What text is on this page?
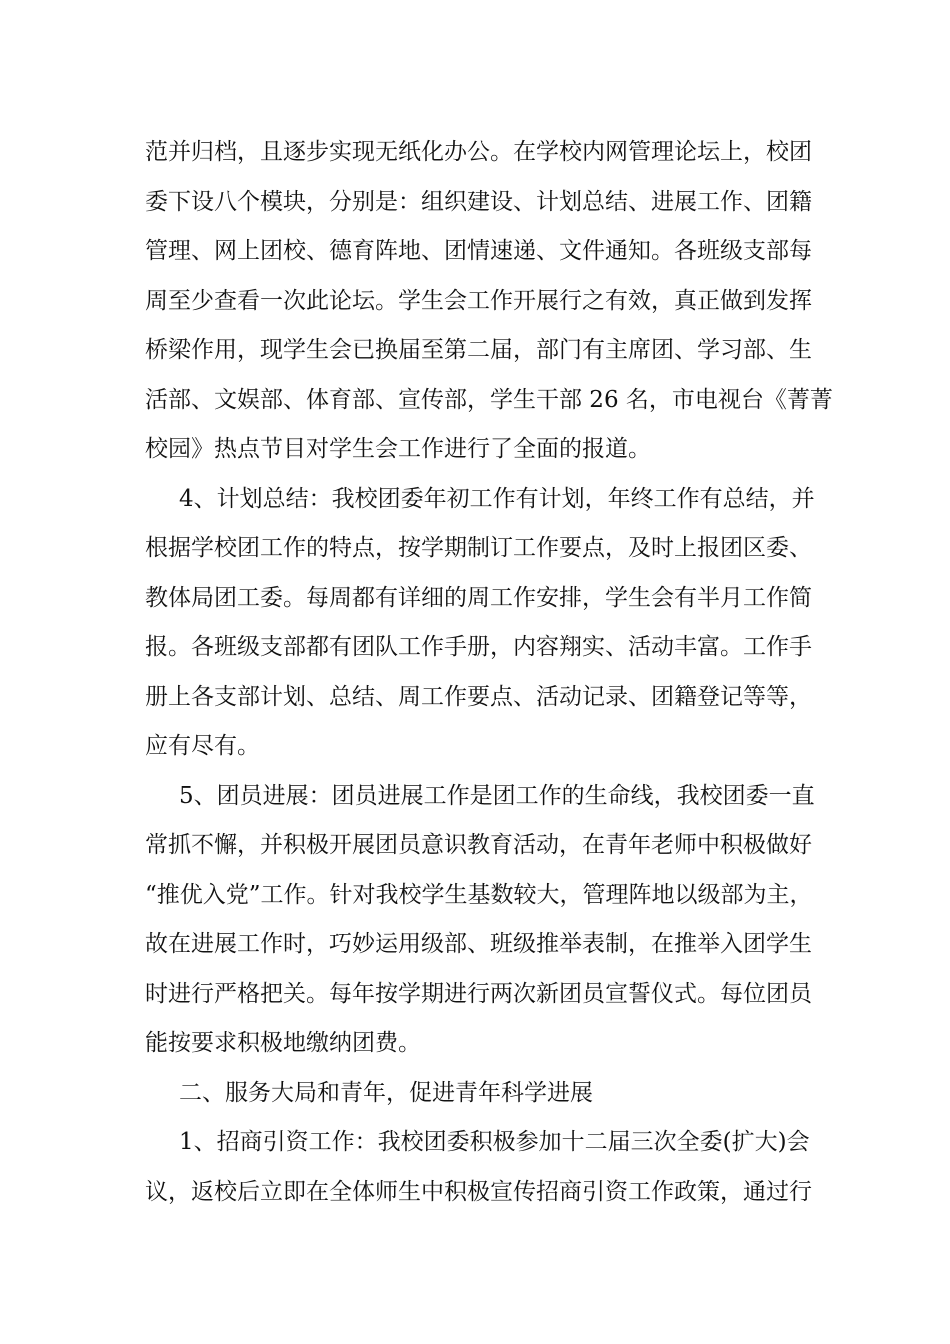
范并归档，且逐步实现无纸化办公。在学校内网管理论坛上，校团
委下设八个模块，分别是：组织建设、计划总结、进展工作、团籍
管理、网上团校、德育阵地、团情速递、文件通知。各班级支部每
周至少查看一次此论坛。学生会工作开展行之有效，真正做到发挥
桥梁作用，现学生会已换届至第二届，部门有主席团、学习部、生
活部、文娱部、体育部、宣传部，学生干部 26 名，市电视台《菁菁
校园》热点节目对学生会工作进行了全面的报道。
4、计划总结：我校团委年初工作有计划，年终工作有总结，并
根据学校团工作的特点，按学期制订工作要点，及时上报团区委、
教体局团工委。每周都有详细的周工作安排，学生会有半月工作简
报。各班级支部都有团队工作手册，内容翔实、活动丰富。工作手
册上各支部计划、总结、周工作要点、活动记录、团籍登记等等，
应有尽有。
5、团员进展：团员进展工作是团工作的生命线，我校团委一直
常抓不懈，并积极开展团员意识教育活动，在青年老师中积极做好
“推优入党”工作。针对我校学生基数较大，管理阵地以级部为主，
故在进展工作时，巧妙运用级部、班级推举表制，在推举入团学生
时进行严格把关。每年按学期进行两次新团员宣誓仪式。每位团员
能按要求积极地缴纳团费。
二、服务大局和青年，促进青年科学进展
1、招商引资工作：我校团委积极参加十二届三次全委(扩大)会
议，返校后立即在全体师生中积极宣传招商引资工作政策，通过行
